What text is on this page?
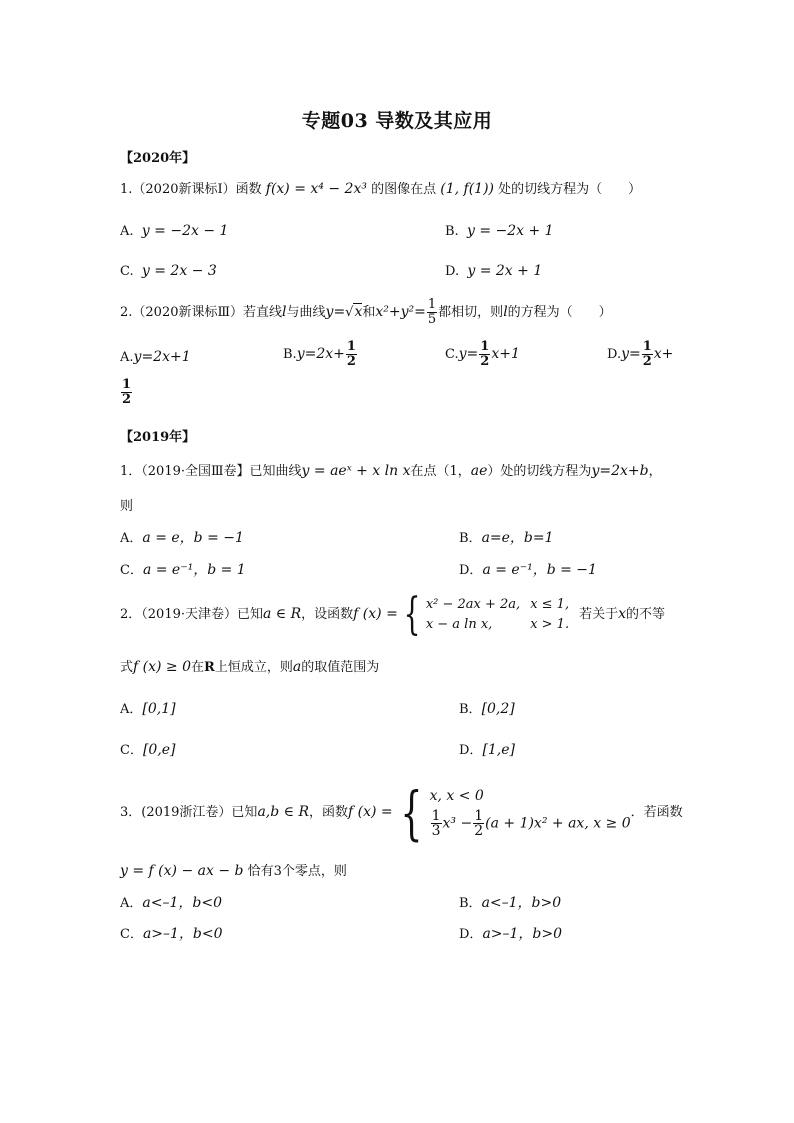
专题03 导数及其应用
【2020年】
1.（2020新课标Ⅰ）函数 f(x) = x⁴ − 2x³ 的图像在点 (1, f(1)) 处的切线方程为（　　）
A. y = −2x − 1	B. y = −2x + 1
C. y = 2x − 3	D. y = 2x + 1
2.（2020新课标Ⅲ）若直线l与曲线y=√x和$x^2+y^2= \frac{1}{5}$ 都相切，则l的方程为（　　）
A.y=2x+1	$B.y=2x+ \frac{1}{2}$	$C.y= \frac{1}{2} x+1$	$D.y= \frac{1}{2} x+$
$\frac{1}{2}$
【2019年】
1．（2019·全国Ⅲ卷】已知曲线y = aeˣ + x ln x在点（1，ae）处的切线方程为y=2x+b，
则
A．a = e，b = −1	B．a=e，b=1
C．a = e⁻¹，b = 1	D．a = e⁻¹，b = −1
2．（2019·天津卷）已知a ∈ R，设函数f (x) = { x² − 2ax + 2a,	x ≤ 1,
x − a ln x,	x > 1.若关于x的不等
式f (x) ≥ 0在R上恒成立，则a的取值范围为
A．[0,1]	B．[0,2]
C．[0,e]	D．[1,e]
3．(2019浙江卷）已知a,b ∈ R，函数f (x) = { x, x < 0
$\frac{1}{3} x^3 - \frac{1}{2} (a + 1)x^2$ + ax, x ≥ 0
．若函数
y = f (x) − ax − b 恰有3个零点，则
A．a<–1，b<0	B．a<–1，b>0
C．a>–1，b<0	D．a>–1，b>0
